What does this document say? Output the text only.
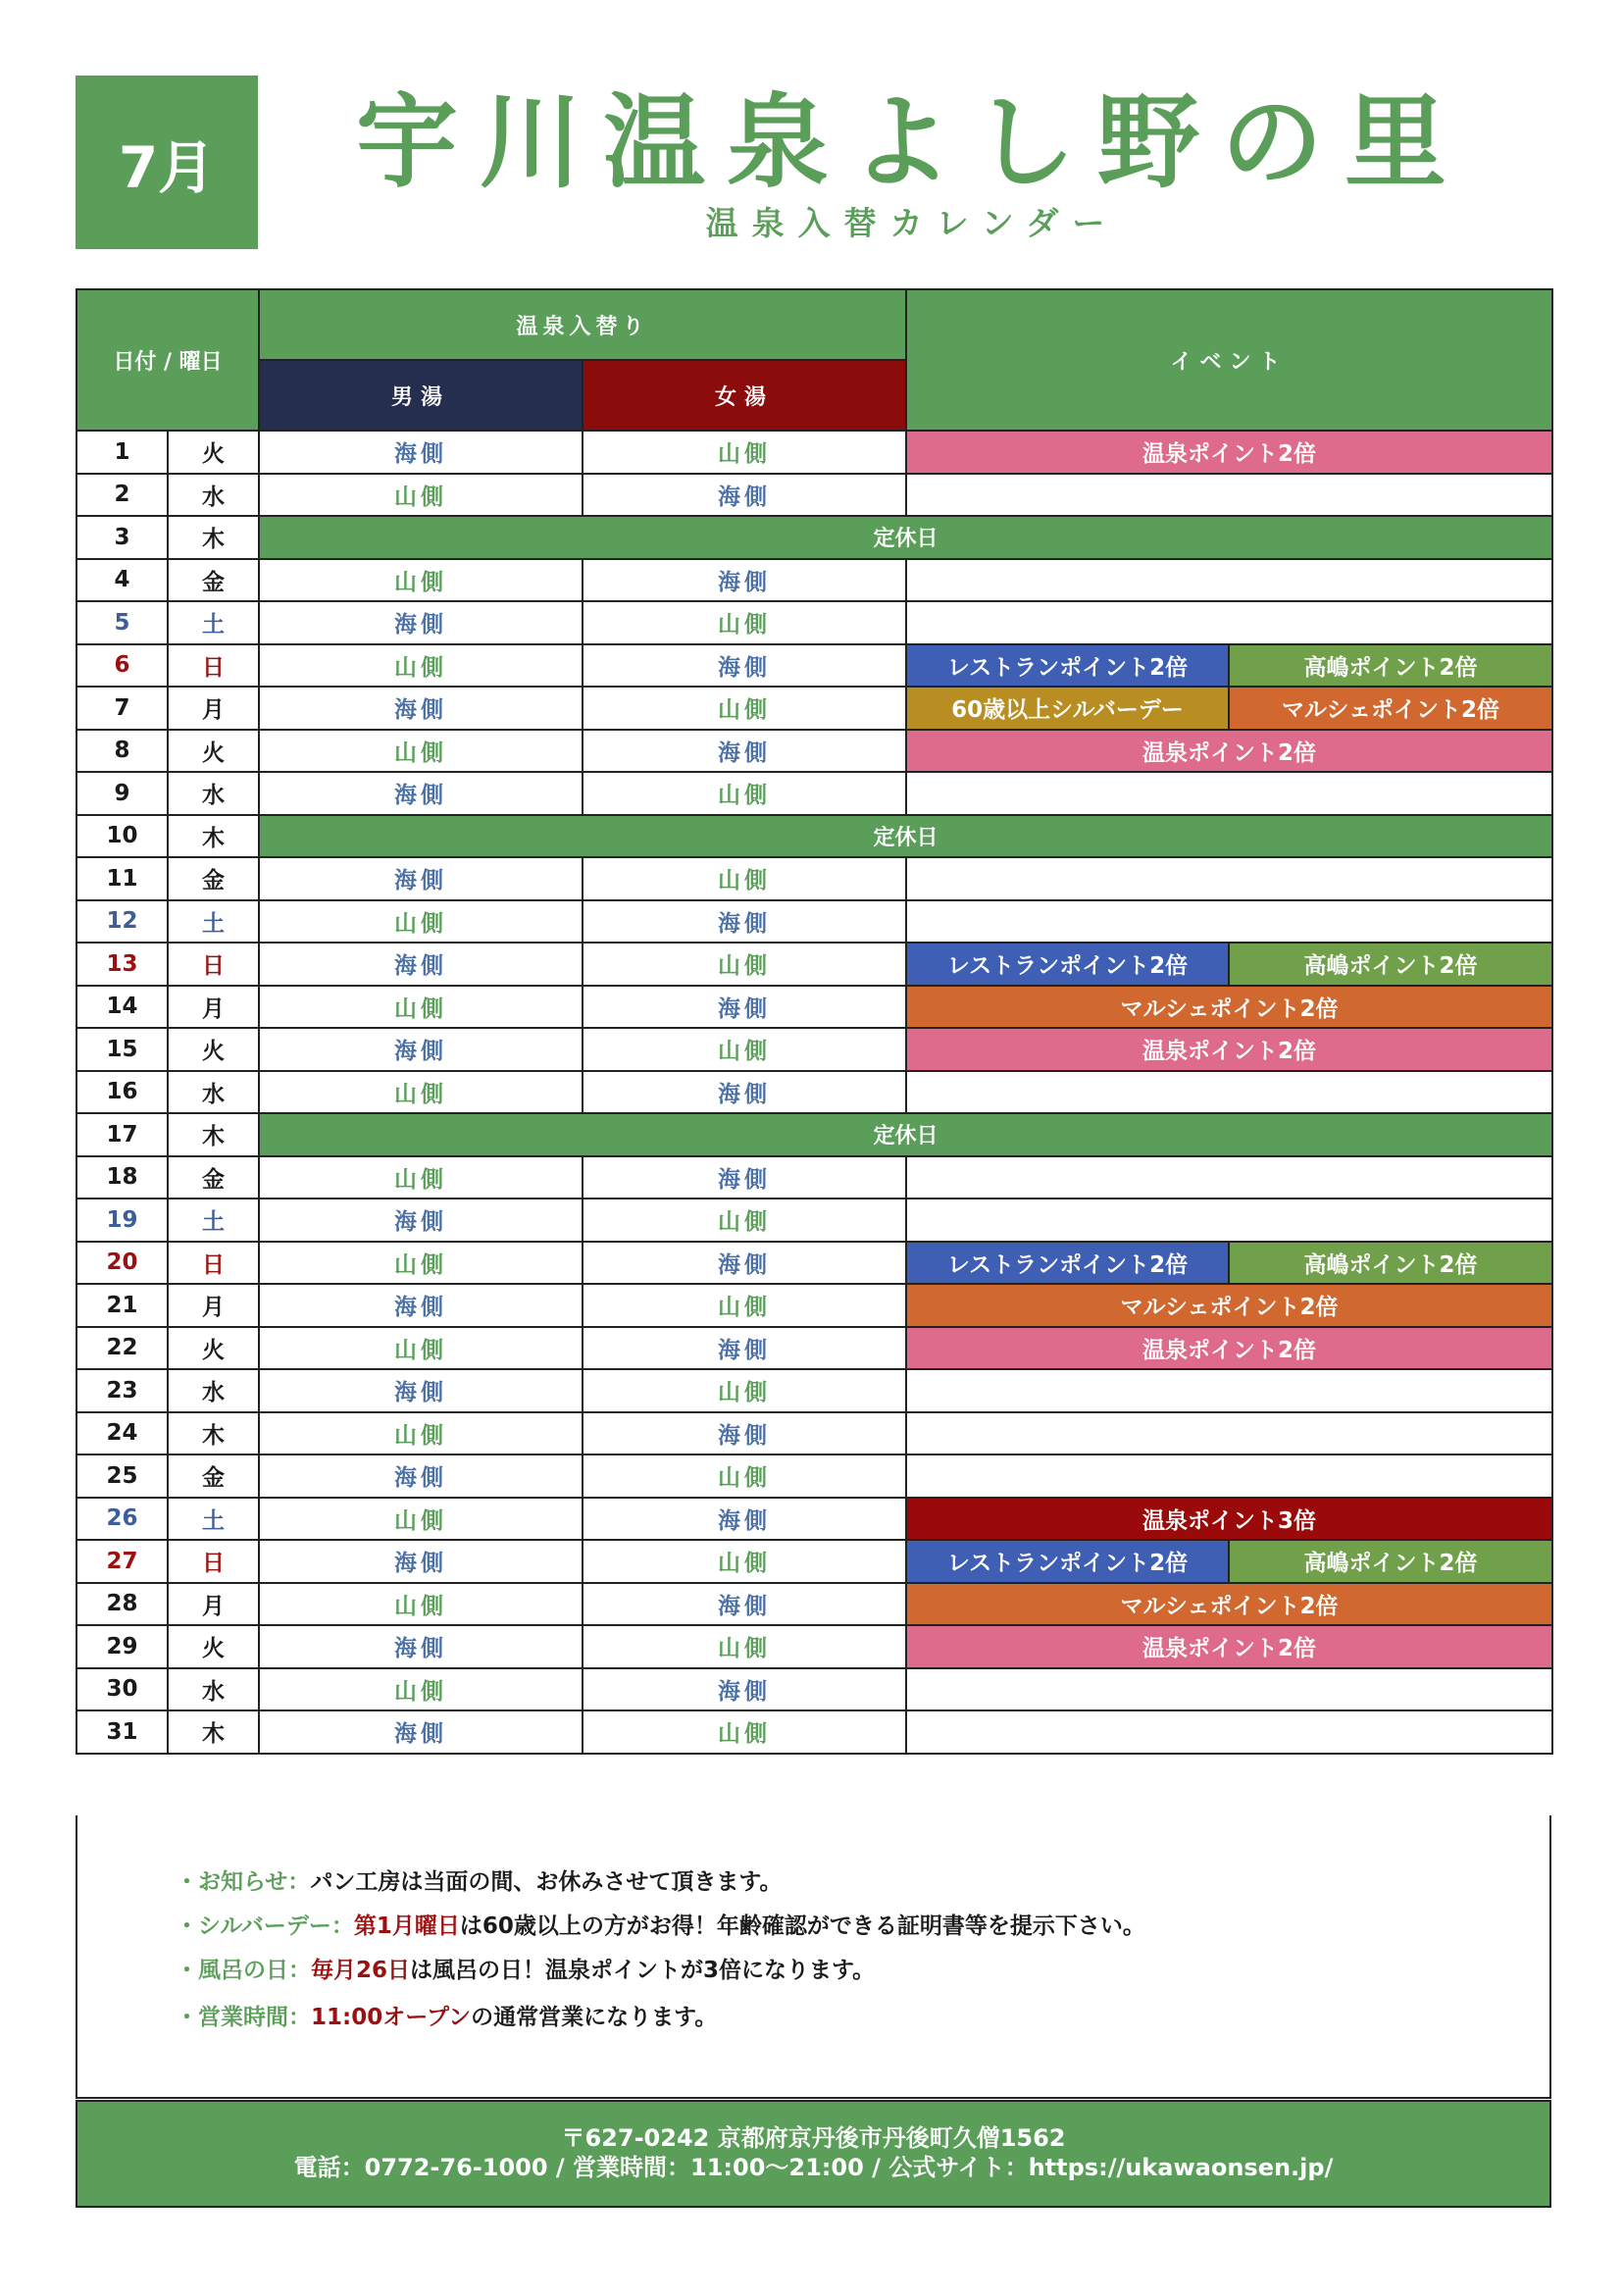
7月	宇川温泉よし野の里
温泉入替カレンダー
日付 / 曜日		温泉入替り		イベント	
		男湯	女湯		
1	火	海側	山側	温泉ポイント2倍	
2	水	山側	海側		
3	木	定休日			
4	金	山側	海側		
5	土	海側	山側		
6	日	山側	海側	レストランポイント2倍	高嶋ポイント2倍
7	月	海側	山側	60歳以上シルバーデー	マルシェポイント2倍
8	火	山側	海側	温泉ポイント2倍	
9	水	海側	山側		
10	木	定休日			
11	金	海側	山側		
12	土	山側	海側		
13	日	海側	山側	レストランポイント2倍	高嶋ポイント2倍
14	月	山側	海側	マルシェポイント2倍	
15	火	海側	山側	温泉ポイント2倍	
16	水	山側	海側		
17	木	定休日			
18	金	山側	海側		
19	土	海側	山側		
20	日	山側	海側	レストランポイント2倍	高嶋ポイント2倍
21	月	海側	山側	マルシェポイント2倍	
22	火	山側	海側	温泉ポイント2倍	
23	水	海側	山側		
24	木	山側	海側		
25	金	海側	山側		
26	土	山側	海側	温泉ポイント3倍	
27	日	海側	山側	レストランポイント2倍	高嶋ポイント2倍
28	月	山側	海側	マルシェポイント2倍	
29	火	海側	山側	温泉ポイント2倍	
30	水	山側	海側		
31	木	海側	山側		
・お知らせ：パン工房は当面の間、お休みさせて頂きます。
・シルバーデー：第1月曜日は60歳以上の方がお得！年齢確認ができる証明書等を提示下さい。
・風呂の日：毎月26日は風呂の日！温泉ポイントが3倍になります。
・営業時間：11:00オープンの通常営業になります。
〒627-0242 京都府京丹後市丹後町久僧1562
電話：0772-76-1000 / 営業時間：11:00～21:00 / 公式サイト：https://ukawaonsen.jp/
